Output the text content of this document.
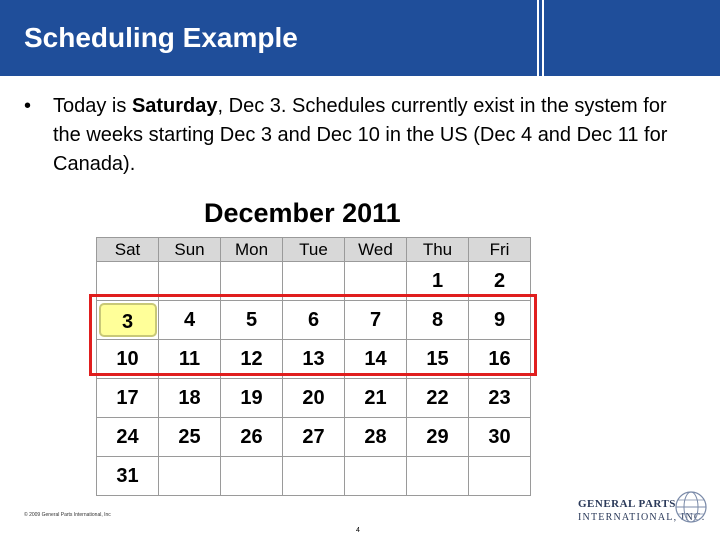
Scheduling Example
• Today is Saturday, Dec 3. Schedules currently exist in the system for the weeks starting Dec 3 and Dec 10 in the US (Dec 4 and Dec 11 for Canada).
December 2011
Sat	Sun	Mon	Tue	Wed	Thu	Fri
					1	2
3	4	5	6	7	8	9
10	11	12	13	14	15	16
17	18	19	20	21	22	23
24	25	26	27	28	29	30
31						
© 2009 General Parts International, Inc
4
GENERAL PARTS
INTERNATIONAL, INC.
